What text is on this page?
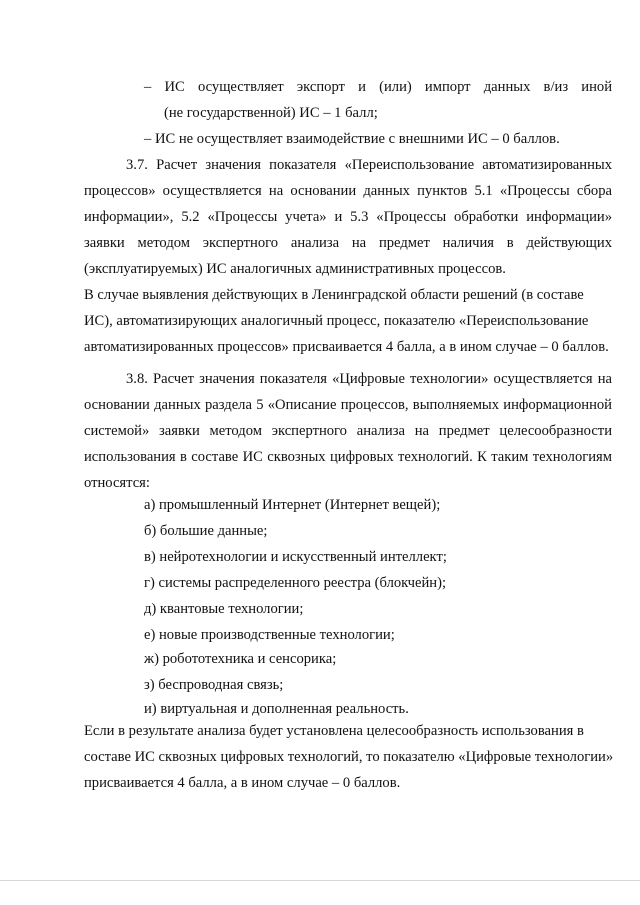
– ИС осуществляет экспорт и (или) импорт данных в/из иной
(не государственной) ИС – 1 балл;
– ИС не осуществляет взаимодействие с внешними ИС – 0 баллов.
3.7. Расчет значения показателя «Переиспользование автоматизированных
процессов» осуществляется на основании данных пунктов 5.1 «Процессы сбора
информации», 5.2 «Процессы учета» и 5.3 «Процессы обработки информации»
заявки методом экспертного анализа на предмет наличия в действующих
(эксплуатируемых) ИС аналогичных административных процессов.
В случае выявления действующих в Ленинградской области решений (в составе
ИС), автоматизирующих аналогичный процесс, показателю «Переиспользование
автоматизированных процессов» присваивается 4 балла, а в ином случае – 0 баллов.
3.8. Расчет значения показателя «Цифровые технологии» осуществляется на
основании данных раздела 5 «Описание процессов, выполняемых информационной
системой» заявки методом экспертного анализа на предмет целесообразности
использования в составе ИС сквозных цифровых технологий. К таким технологиям
относятся:
а) промышленный Интернет (Интернет вещей);
б) большие данные;
в) нейротехнологии и искусственный интеллект;
г) системы распределенного реестра (блокчейн);
д) квантовые технологии;
е) новые производственные технологии;
ж) робототехника и сенсорика;
з) беспроводная связь;
и) виртуальная и дополненная реальность.
Если в результате анализа будет установлена целесообразность использования в
составе ИС сквозных цифровых технологий, то показателю «Цифровые технологии»
присваивается 4 балла, а в ином случае – 0 баллов.
